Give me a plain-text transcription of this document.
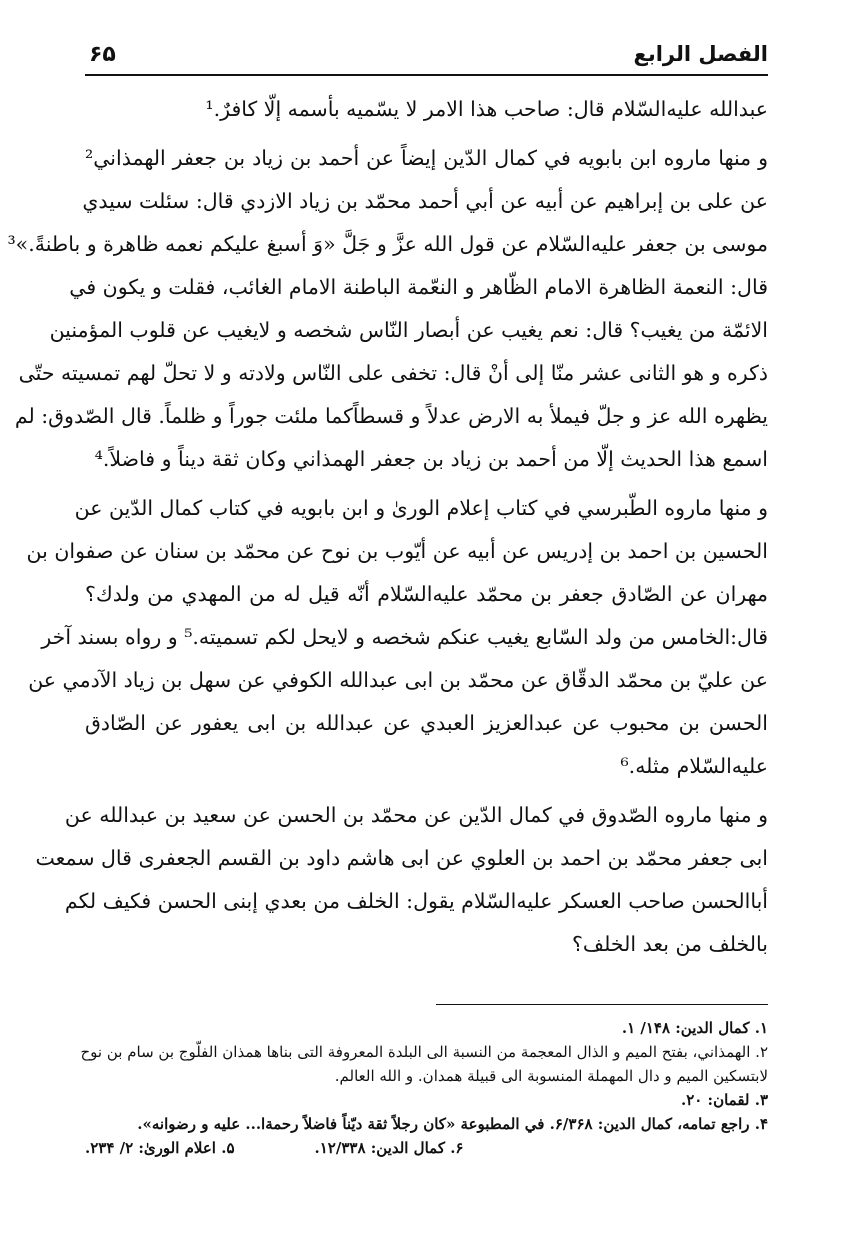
الفصل الرابع
۶۵
عبدالله عليه‌السّلام قال: صاحب هذا الامر لا يسّميه بأسمه إلّا كافرٌ.¹
و منها ماروه ابن بابويه في كمال الدّين إيضاً عن أحمد بن زياد بن جعفر الهمذاني²
عن على بن إبراهيم عن أبيه عن أبي أحمد محمّد بن زياد الازدي قال: سئلت سيدي
موسى بن جعفر عليه‌السّلام عن قول الله عزَّ و جَلَّ «وَ أسبغ عليكم نعمه ظاهرة و باطنةً.»³
قال: النعمة الظاهرة الامام الظّاهر و النعّمة الباطنة الامام الغائب، فقلت و يكون في
الائمّة من يغيب؟ قال: نعم يغيب عن أبصار النّاس شخصه و لايغيب عن قلوب المؤمنين
ذكره و هو الثانى عشر منّا إلى أنْ قال: تخفى على النّاس ولادته و لا تحلّ لهم تمسيته حتّى
يظهره الله عز و جلّ فيملأ به الارض عدلاً و قسطاًكما ملئت جوراً و ظلماً. قال الصّدوق: لم
اسمع هذا الحديث إلّا من أحمد بن زياد بن جعفر الهمذاني وكان ثقة ديناً و فاضلاً.⁴
و منها ماروه الطّبرسي في كتاب إعلام الورىٰ و ابن بابويه في كتاب كمال الدّين عن
الحسين بن احمد بن إدريس عن أبيه عن أيّوب بن نوح عن محمّد بن سنان عن صفوان بن
مهران عن الصّادق جعفر بن محمّد عليه‌السّلام أنّه قيل له من المهدي من ولدك؟
قال:الخامس من ولد السّابع يغيب عنكم شخصه و لايحل لكم تسميته.⁵ و رواه بسند آخر
عن عليّ بن محمّد الدقّاق عن محمّد بن ابى عبدالله الكوفي عن سهل بن زياد الآدمي عن
الحسن بن محبوب عن عبدالعزيز العبدي عن عبدالله بن ابى يعفور عن الصّادق
عليه‌السّلام مثله.⁶
و منها ماروه الصّدوق في كمال الدّين عن محمّد بن الحسن عن سعيد بن عبدالله عن
ابى جعفر محمّد بن احمد بن العلوي عن ابى هاشم داود بن القسم الجعفرى قال سمعت
أباالحسن صاحب العسكر عليه‌السّلام يقول: الخلف من بعدي إبنى الحسن فكيف لكم
بالخلف من بعد الخلف؟
۱. كمال الدين: ۱۴۸/ ۱.
۲. الهمذاني، بفتح الميم و الذال المعجمة من النسبة الى البلدة المعروفة التى بناها همذان الفلّوج بن سام بن نوح
لابتسكين الميم و دال المهملة المنسوبة الى قبيلة همدان. و الله العالم.
۳. لقمان: ۲۰.
۴. راجع تمامه، كمال الدين: ۶/۳۶۸. في المطبوعة «كان رجلاً ثقة ديّناً فاضلاً رحمة‌ا... عليه و رضوانه».
۵. اعلام الورىٰ: ۲/ ۲۳۴.	۶. كمال الدين: ۱۲/۳۳۸.
